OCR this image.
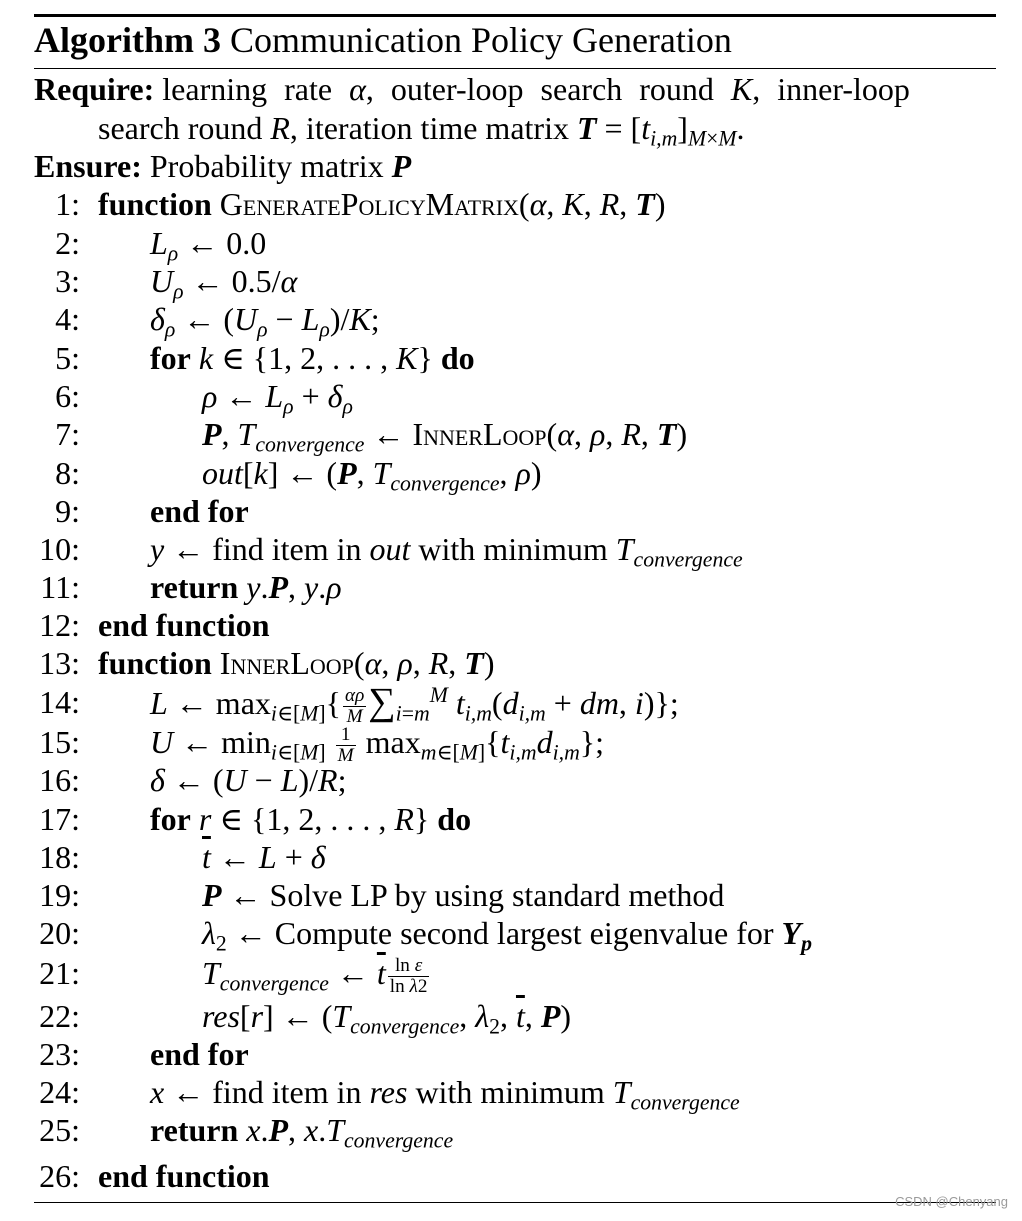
Algorithm 3 Communication Policy Generation
Require: learning rate α, outer-loop search round K, inner-loop
search round R, iteration time matrix $T = [t_{i,m}]_{M\times M}$.
Ensure: Probability matrix P
1: function GeneratePolicyMatrix(α, K, R, T)
2: $L_\rho$ ← 0.0
3: $U_\rho$ ← 0.5/α
4: $\delta_\rho$ ← $(U_\rho - L_\rho)/K$;
5: for k ∈ {1, 2, . . . , K} do
6:	ρ ← $L_\rho + \delta_\rho$
7:	P, $T_{convergence}$ ← InnerLoop(α, ρ, R, T)
8:	out[k] ← (P, $T_{convergence}$, ρ)
9: end for
10: y ← find item in out with minimum $T_{convergence}$
11: return y.P, y.ρ
12: end function
13: function InnerLoop(α, ρ, R, T)
14: L ← $\max_{i\in[M]}\{ \frac{\alpha\rho}{M} \sum_{i=m}^M$ $t_{i,m}(d_{i,m}$ + dm, i)};
15: U ← $\min_{i\in[M]} \frac{1}{M} \max_{m\in[M]}\{t_{i,m}d_{i,m}\}$;
16: δ ← (U − L)/R;
17: for r ∈ {1, 2, . . . , R} do
18:	$\overline{t}$ ← L + δ
19:	P ← Solve LP by using standard method
20:	$\lambda_2$ ← Compute second largest eigenvalue for $Y_p$
21:	$T_{convergence}$ ← $\overline{t} \frac{\text{ln ε}}{\text{ln λ2}}$
22:	res[r] ← ($T_{convergence}$, $\lambda_2$, $\overline{t}$, P)
23: end for
24: x ← find item in res with minimum $T_{convergence}$
25: return x.P, $x.T_{convergence}$
26: end function
CSDN @Chenyang
